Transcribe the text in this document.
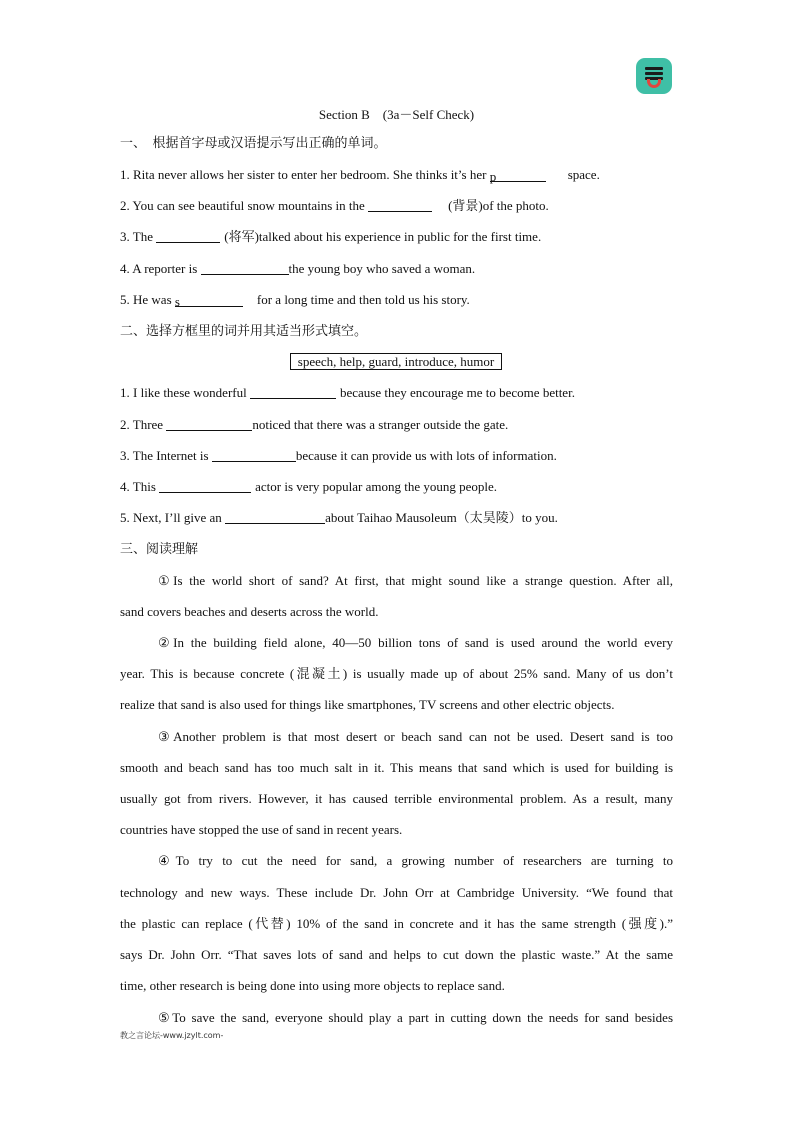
Section B　(3a－Self Check)
一、　根据首字母或汉语提示写出正确的单词。
1. Rita never allows her sister to enter her bedroom. She thinks it’s her p	space.
2. You can see beautiful snow mountains in the	(背景)of the photo.
3. The	(将军)talked about his experience in public for the first time.
4. A reporter is	the young boy who saved a woman.
5. He was s	for a long time and then told us his story.
二、选择方框里的词并用其适当形式填空。
speech, help, guard, introduce, humor
1. I like these wonderful	because they encourage me to become better.
2. Three	noticed that there was a stranger outside the gate.
3. The Internet is	because it can provide us with lots of information.
4. This	actor is very popular among the young people.
5. Next, I’ll give an	about Taihao Mausoleum（太昊陵）to you.
三、阅读理解
①Is the world short of sand? At first, that might sound like a strange question. After all,
sand covers beaches and deserts across the world.
②In the building field alone, 40—50 billion tons of sand is used around the world every
year. This is because concrete (混凝土) is usually made up of about 25% sand. Many of us don’t
realize that sand is also used for things like smartphones, TV screens and other electric objects.
③Another problem is that most desert or beach sand can not be used. Desert sand is too
smooth and beach sand has too much salt in it. This means that sand which is used for building is
usually got from rivers. However, it has caused terrible environmental problem. As a result, many
countries have stopped the use of sand in recent years.
④To try to cut the need for sand, a growing number of researchers are turning to
technology and new ways. These include Dr. John Orr at Cambridge University. “We found that
the plastic can replace (代替) 10% of the sand in concrete and it has the same strength (强度).”
says Dr. John Orr. “That saves lots of sand and helps to cut down the plastic waste.” At the same
time, other research is being done into using more objects to replace sand.
⑤To save the sand, everyone should play a part in cutting down the needs for sand besides
教之言论坛-www.jzylt.com-
